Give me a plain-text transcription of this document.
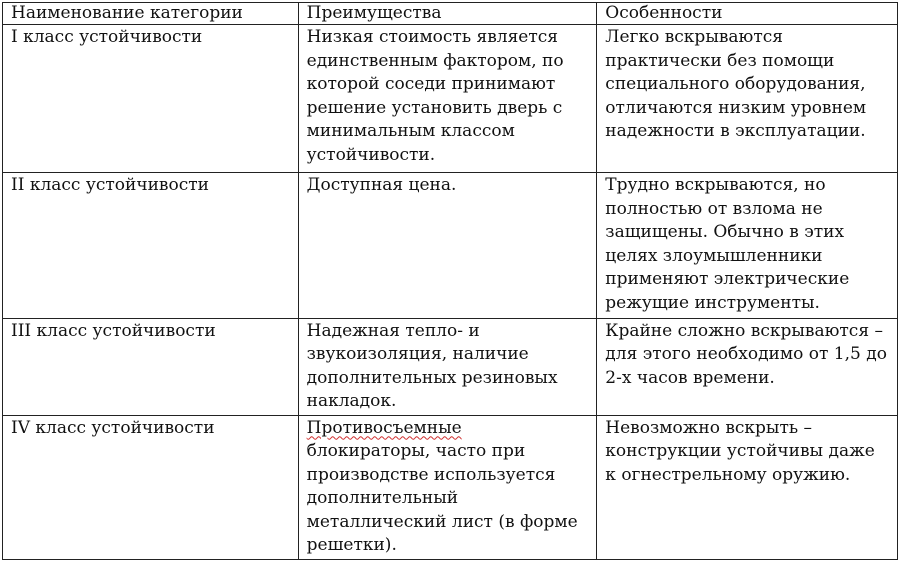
Наименование категории	Преимущества	Особенности
I класс устойчивости	Низкая стоимость является единственным фактором, по которой соседи принимают решение установить дверь с минимальным классом устойчивости.	Легко вскрываются практически без помощи специального оборудования, отличаются низким уровнем надежности в эксплуатации.
II класс устойчивости	Доступная цена.	Трудно вскрываются, но полностью от взлома не защищены. Обычно в этих целях злоумышленники применяют электрические режущие инструменты.
III класс устойчивости	Надежная тепло- и звукоизоляция, наличие дополнительных резиновых накладок.	Крайне сложно вскрываются – для этого необходимо от 1,5 до 2-х часов времени.
IV класс устойчивости	Противосъемные блокираторы, часто при производстве используется дополнительный металлический лист (в форме решетки).	Невозможно вскрыть – конструкции устойчивы даже к огнестрельному оружию.
